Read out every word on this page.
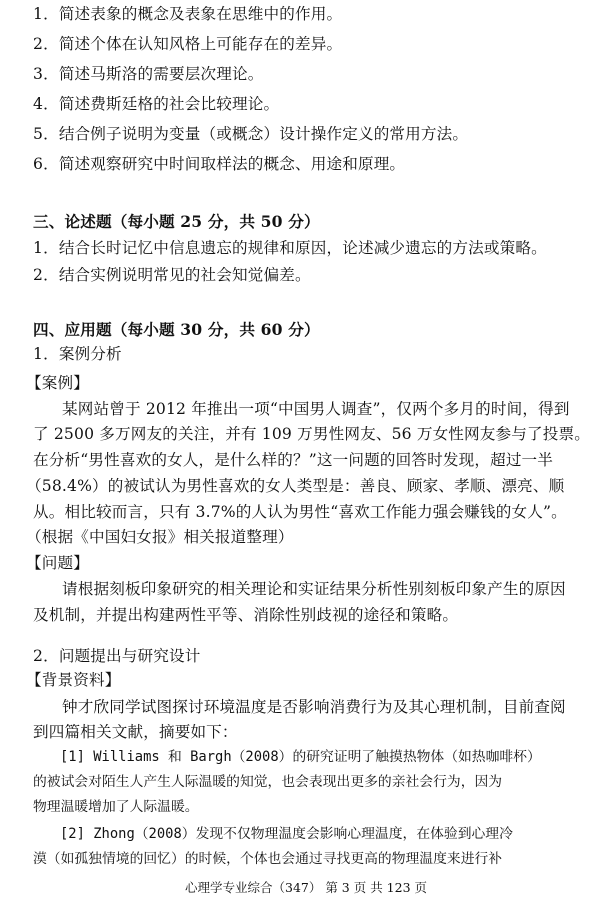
1．简述表象的概念及表象在思维中的作用。
2．简述个体在认知风格上可能存在的差异。
3．简述马斯洛的需要层次理论。
4．简述费斯廷格的社会比较理论。
5．结合例子说明为变量（或概念）设计操作定义的常用方法。
6．简述观察研究中时间取样法的概念、用途和原理。
三、论述题（每小题 25 分，共 50 分）
1．结合长时记忆中信息遗忘的规律和原因，论述减少遗忘的方法或策略。
2．结合实例说明常见的社会知觉偏差。
四、应用题（每小题 30 分，共 60 分）
1．案例分析
【案例】
某网站曾于 2012 年推出一项“中国男人调查”，仅两个多月的时间，得到
了 2500 多万网友的关注，并有 109 万男性网友、56 万女性网友参与了投票。
在分析“男性喜欢的女人，是什么样的？”这一问题的回答时发现，超过一半
（58.4%）的被试认为男性喜欢的女人类型是：善良、顾家、孝顺、漂亮、顺
从。相比较而言，只有 3.7%的人认为男性“喜欢工作能力强会赚钱的女人”。
（根据《中国妇女报》相关报道整理）
【问题】
请根据刻板印象研究的相关理论和实证结果分析性别刻板印象产生的原因
及机制，并提出构建两性平等、消除性别歧视的途径和策略。
2．问题提出与研究设计
【背景资料】
钟才欣同学试图探讨环境温度是否影响消费行为及其心理机制，目前查阅
到四篇相关文献，摘要如下：
[1] Williams 和 Bargh（2008）的研究证明了触摸热物体（如热咖啡杯）
的被试会对陌生人产生人际温暖的知觉，也会表现出更多的亲社会行为，因为
物理温暖增加了人际温暖。
[2] Zhong（2008）发现不仅物理温度会影响心理温度，在体验到心理冷
漠（如孤独情境的回忆）的时候，个体也会通过寻找更高的物理温度来进行补
心理学专业综合（347） 第 3 页 共 123 页
